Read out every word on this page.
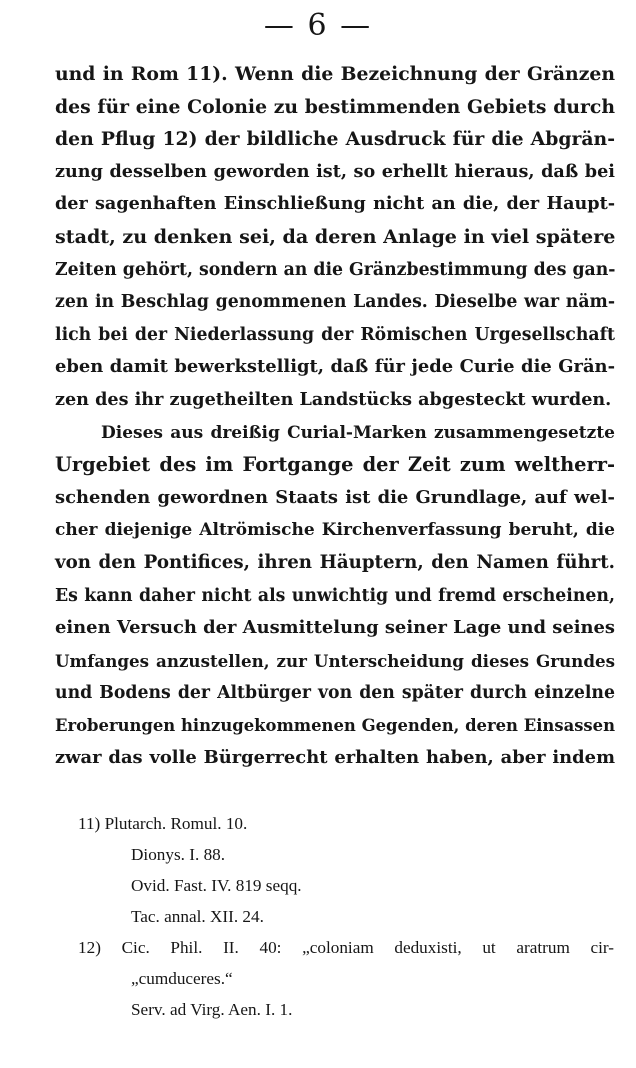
— 6 —
und in Rom 11). Wenn die Bezeichnung der Gränzen
des für eine Colonie zu bestimmenden Gebiets durch
den Pflug 12) der bildliche Ausdruck für die Abgrän-
zung desselben geworden ist, so erhellt hieraus, daß bei
der sagenhaften Einschließung nicht an die, der Haupt-
stadt, zu denken sei, da deren Anlage in viel spätere
Zeiten gehört, sondern an die Gränzbestimmung des gan-
zen in Beschlag genommenen Landes. Dieselbe war näm-
lich bei der Niederlassung der Römischen Urgesellschaft
eben damit bewerkstelligt, daß für jede Curie die Grän-
zen des ihr zugetheilten Landstücks abgesteckt wurden.
Dieses aus dreißig Curial-Marken zusammengesetzte
Urgebiet des im Fortgange der Zeit zum weltherr-
schenden gewordnen Staats ist die Grundlage, auf wel-
cher diejenige Altrömische Kirchenverfassung beruht, die
von den Pontifices, ihren Häuptern, den Namen führt.
Es kann daher nicht als unwichtig und fremd erscheinen,
einen Versuch der Ausmittelung seiner Lage und seines
Umfanges anzustellen, zur Unterscheidung dieses Grundes
und Bodens der Altbürger von den später durch einzelne
Eroberungen hinzugekommenen Gegenden, deren Einsassen
zwar das volle Bürgerrecht erhalten haben, aber indem
11) Plutarch. Romul. 10.
Dionys. I. 88.
Ovid. Fast. IV. 819 seqq.
Tac. annal. XII. 24.
12) Cic. Phil. II. 40: „coloniam deduxisti, ut aratrum cir-
„cumduceres.“
Serv. ad Virg. Aen. I. 1.
